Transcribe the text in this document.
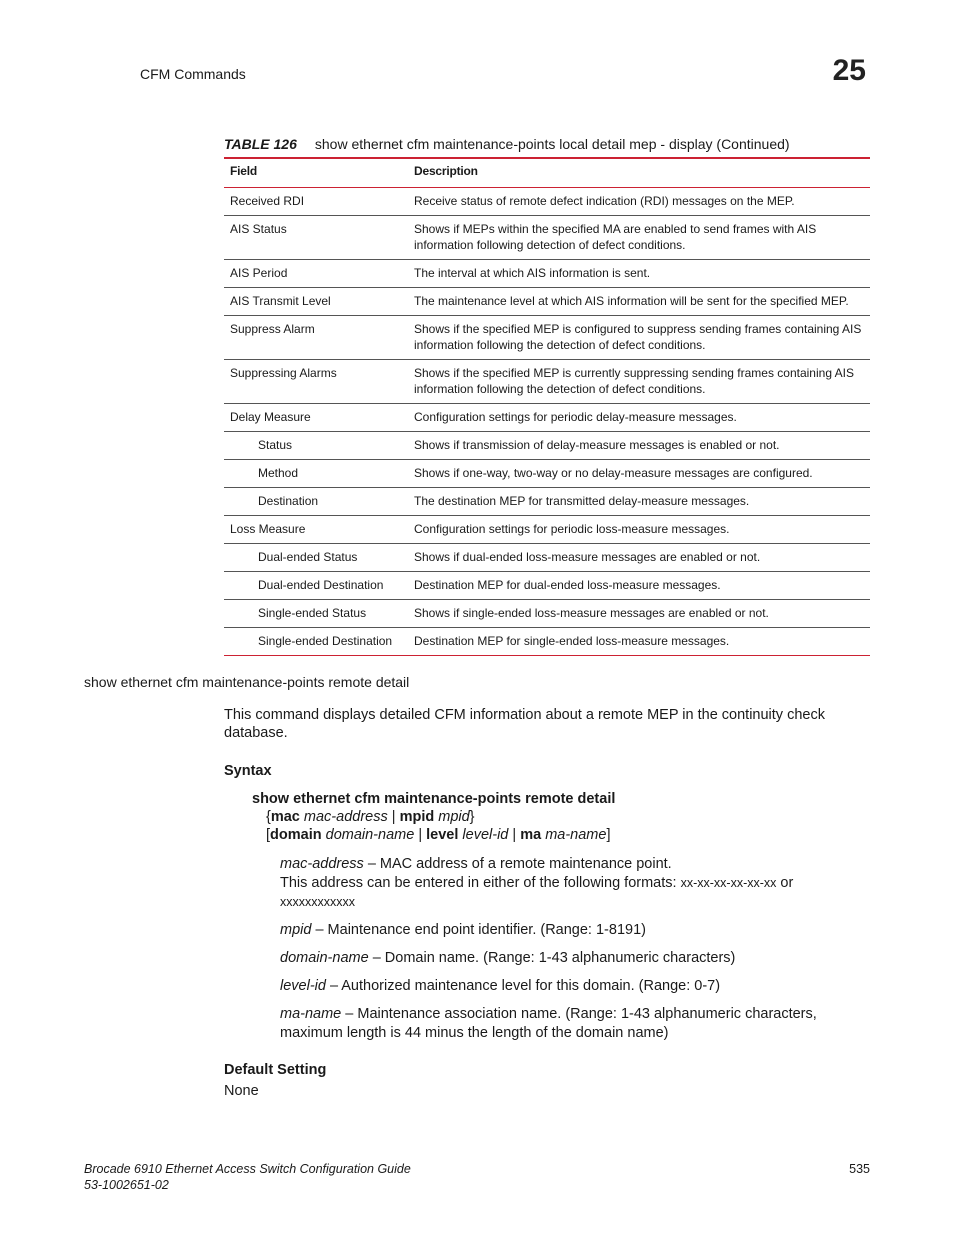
CFM Commands	25
TABLE 126 show ethernet cfm maintenance-points local detail mep - display (Continued)
Field	Description
Received RDI	Receive status of remote defect indication (RDI) messages on the MEP.
AIS Status	Shows if MEPs within the specified MA are enabled to send frames with AIS information following detection of defect conditions.
AIS Period	The interval at which AIS information is sent.
AIS Transmit Level	The maintenance level at which AIS information will be sent for the specified MEP.
Suppress Alarm	Shows if the specified MEP is configured to suppress sending frames containing AIS information following the detection of defect conditions.
Suppressing Alarms	Shows if the specified MEP is currently suppressing sending frames containing AIS information following the detection of defect conditions.
Delay Measure	Configuration settings for periodic delay-measure messages.
Status	Shows if transmission of delay-measure messages is enabled or not.
Method	Shows if one-way, two-way or no delay-measure messages are configured.
Destination	The destination MEP for transmitted delay-measure messages.
Loss Measure	Configuration settings for periodic loss-measure messages.
Dual-ended Status	Shows if dual-ended loss-measure messages are enabled or not.
Dual-ended Destination	Destination MEP for dual-ended loss-measure messages.
Single-ended Status	Shows if single-ended loss-measure messages are enabled or not.
Single-ended Destination	Destination MEP for single-ended loss-measure messages.
show ethernet cfm maintenance-points remote detail
This command displays detailed CFM information about a remote MEP in the continuity check database.
Syntax
show ethernet cfm maintenance-points remote detail
{mac mac-address | mpid mpid}
[domain domain-name | level level-id | ma ma-name]
mac-address – MAC address of a remote maintenance point.
This address can be entered in either of the following formats: xx-xx-xx-xx-xx-xx or xxxxxxxxxxxx
mpid – Maintenance end point identifier. (Range: 1-8191)
domain-name – Domain name. (Range: 1-43 alphanumeric characters)
level-id – Authorized maintenance level for this domain. (Range: 0-7)
ma-name – Maintenance association name. (Range: 1-43 alphanumeric characters, maximum length is 44 minus the length of the domain name)
Default Setting
None
Brocade 6910 Ethernet Access Switch Configuration Guide
53-1002651-02
535
